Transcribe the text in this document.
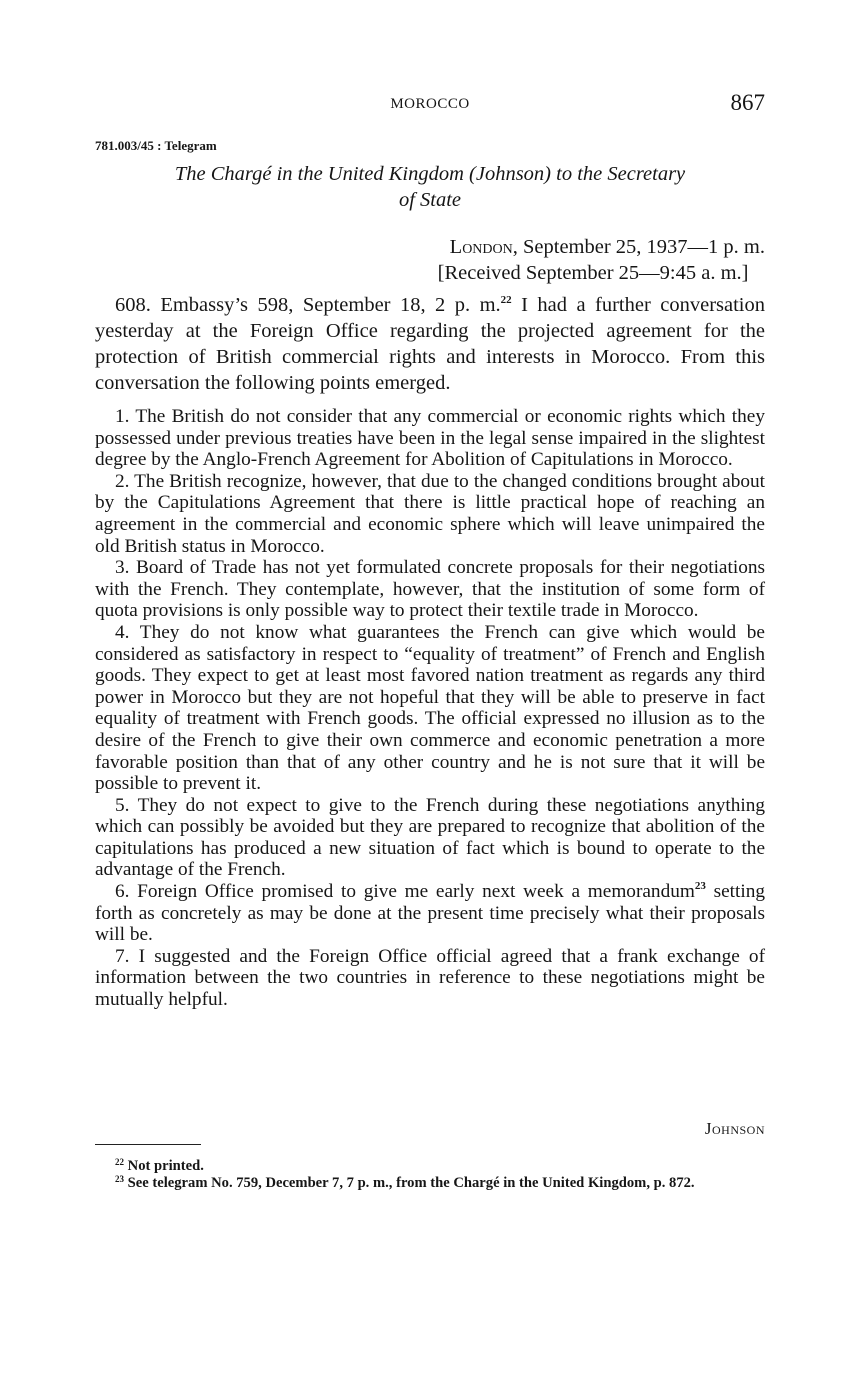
MOROCCO	867
781.003/45 : Telegram
The Chargé in the United Kingdom (Johnson) to the Secretary
of State
London, September 25, 1937—1 p. m.
[Received September 25—9:45 a. m.]

608. Embassy’s 598, September 18, 2 p. m.$^{22}$ I had a further conversation yesterday at the Foreign Office regarding the projected agreement for the protection of British commercial rights and interests in Morocco. From this conversation the following points emerged.

1. The British do not consider that any commercial or economic rights which they possessed under previous treaties have been in the legal sense impaired in the slightest degree by the Anglo-French Agreement for Abolition of Capitulations in Morocco.

2. The British recognize, however, that due to the changed conditions brought about by the Capitulations Agreement that there is little practical hope of reaching an agreement in the commercial and economic sphere which will leave unimpaired the old British status in Morocco.

3. Board of Trade has not yet formulated concrete proposals for their negotiations with the French. They contemplate, however, that the institution of some form of quota provisions is only possible way to protect their textile trade in Morocco.

4. They do not know what guarantees the French can give which would be considered as satisfactory in respect to “equality of treatment” of French and English goods. They expect to get at least most favored nation treatment as regards any third power in Morocco but they are not hopeful that they will be able to preserve in fact equality of treatment with French goods. The official expressed no illusion as to the desire of the French to give their own commerce and economic penetration a more favorable position than that of any other country and he is not sure that it will be possible to prevent it.

5. They do not expect to give to the French during these negotiations anything which can possibly be avoided but they are prepared to recognize that abolition of the capitulations has produced a new situation of fact which is bound to operate to the advantage of the French.

6. Foreign Office promised to give me early next week a memorandum$^{23}$ setting forth as concretely as may be done at the present time precisely what their proposals will be.

7. I suggested and the Foreign Office official agreed that a frank exchange of information between the two countries in reference to these negotiations might be mutually helpful.

Johnson

$^{22}$ Not printed.

$^{23}$ See telegram No. 759, December 7, 7 p. m., from the Chargé in the United Kingdom, p. 872.
